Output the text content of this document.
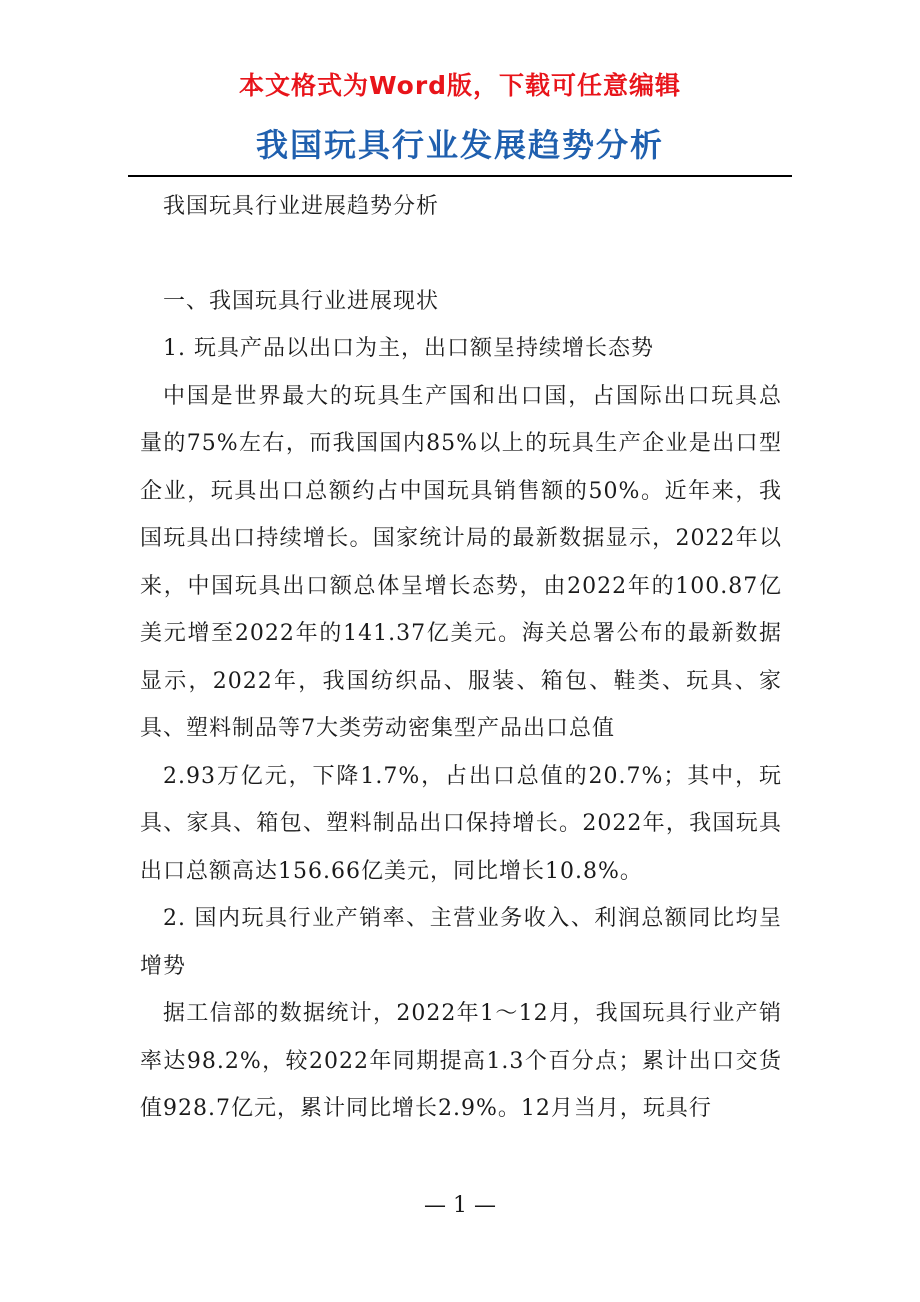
本文格式为Word版，下载可任意编辑
我国玩具行业发展趋势分析

我国玩具行业进展趋势分析

一、我国玩具行业进展现状

1. 玩具产品以出口为主，出口额呈持续增长态势

中国是世界最大的玩具生产国和出口国，占国际出口玩具总量的75%左右，而我国国内85%以上的玩具生产企业是出口型企业，玩具出口总额约占中国玩具销售额的50%。近年来，我国玩具出口持续增长。国家统计局的最新数据显示，2022年以来，中国玩具出口额总体呈增长态势，由2022年的100.87亿美元增至2022年的141.37亿美元。海关总署公布的最新数据显示，2022年，我国纺织品、服装、箱包、鞋类、玩具、家具、塑料制品等7大类劳动密集型产品出口总值

2.93万亿元，下降1.7%，占出口总值的20.7%；其中，玩具、家具、箱包、塑料制品出口保持增长。2022年，我国玩具出口总额高达156.66亿美元，同比增长10.8%。

2. 国内玩具行业产销率、主营业务收入、利润总额同比均呈增势

据工信部的数据统计，2022年1～12月，我国玩具行业产销率达98.2%，较2022年同期提高1.3个百分点；累计出口交货值928.7亿元，累计同比增长2.9%。12月当月，玩具行

— 1 —
